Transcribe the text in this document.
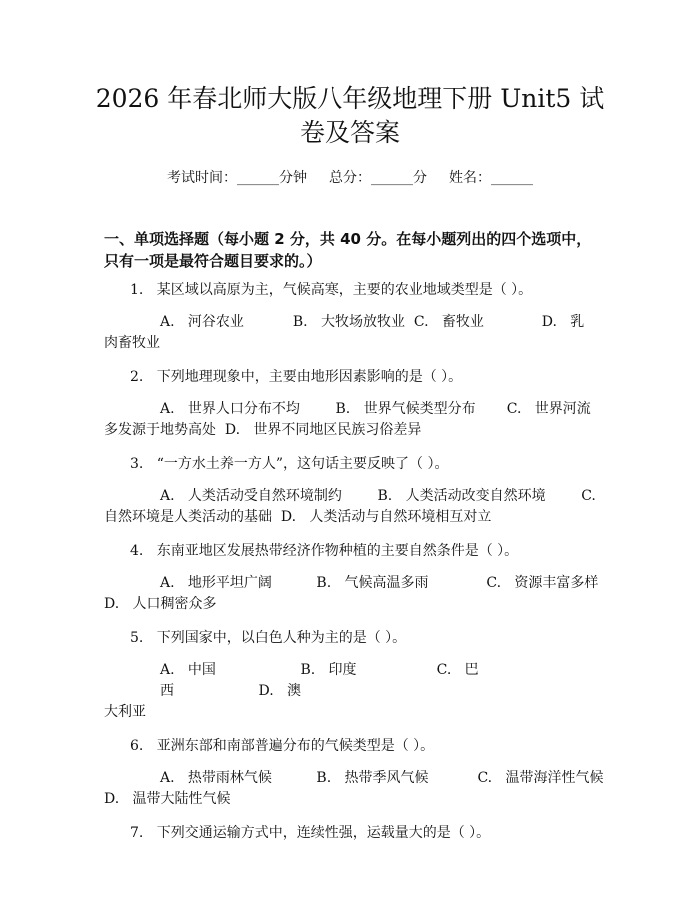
2026 年春北师大版八年级地理下册 Unit5 试
卷及答案
考试时间：______分钟 总分：______分 姓名：______
一、单项选择题（每小题 2 分，共 40 分。在每小题列出的四个选项中，只有一项是最符合题目要求的。）
1.   某区域以高原为主，气候高寒，主要的农业地域类型是（ ）。
A.   河谷农业           B.   大牧场放牧业  C.   畜牧业             D.   乳
肉畜牧业
2.   下列地理现象中，主要由地形因素影响的是（ ）。
A.   世界人口分布不均        B.   世界气候类型分布       C.   世界河流
多发源于地势高处  D.   世界不同地区民族习俗差异
3.   “一方水土养一方人”，这句话主要反映了（ ）。
A.   人类活动受自然环境制约        B.   人类活动改变自然环境        C.
自然环境是人类活动的基础  D.   人类活动与自然环境相互对立
4.   东南亚地区发展热带经济作物种植的主要自然条件是（ ）。
A.   地形平坦广阔          B.   气候高温多雨             C.   资源丰富多样
D.   人口稠密众多
5.   下列国家中，以白色人种为主的是（ ）。
A.   中国                   B.   印度                  C.   巴西                   D.   澳
大利亚
6.   亚洲东部和南部普遍分布的气候类型是（ ）。
A.   热带雨林气候          B.   热带季风气候           C.   温带海洋性气候
D.   温带大陆性气候
7.   下列交通运输方式中，连续性强，运载量大的是（ ）。
